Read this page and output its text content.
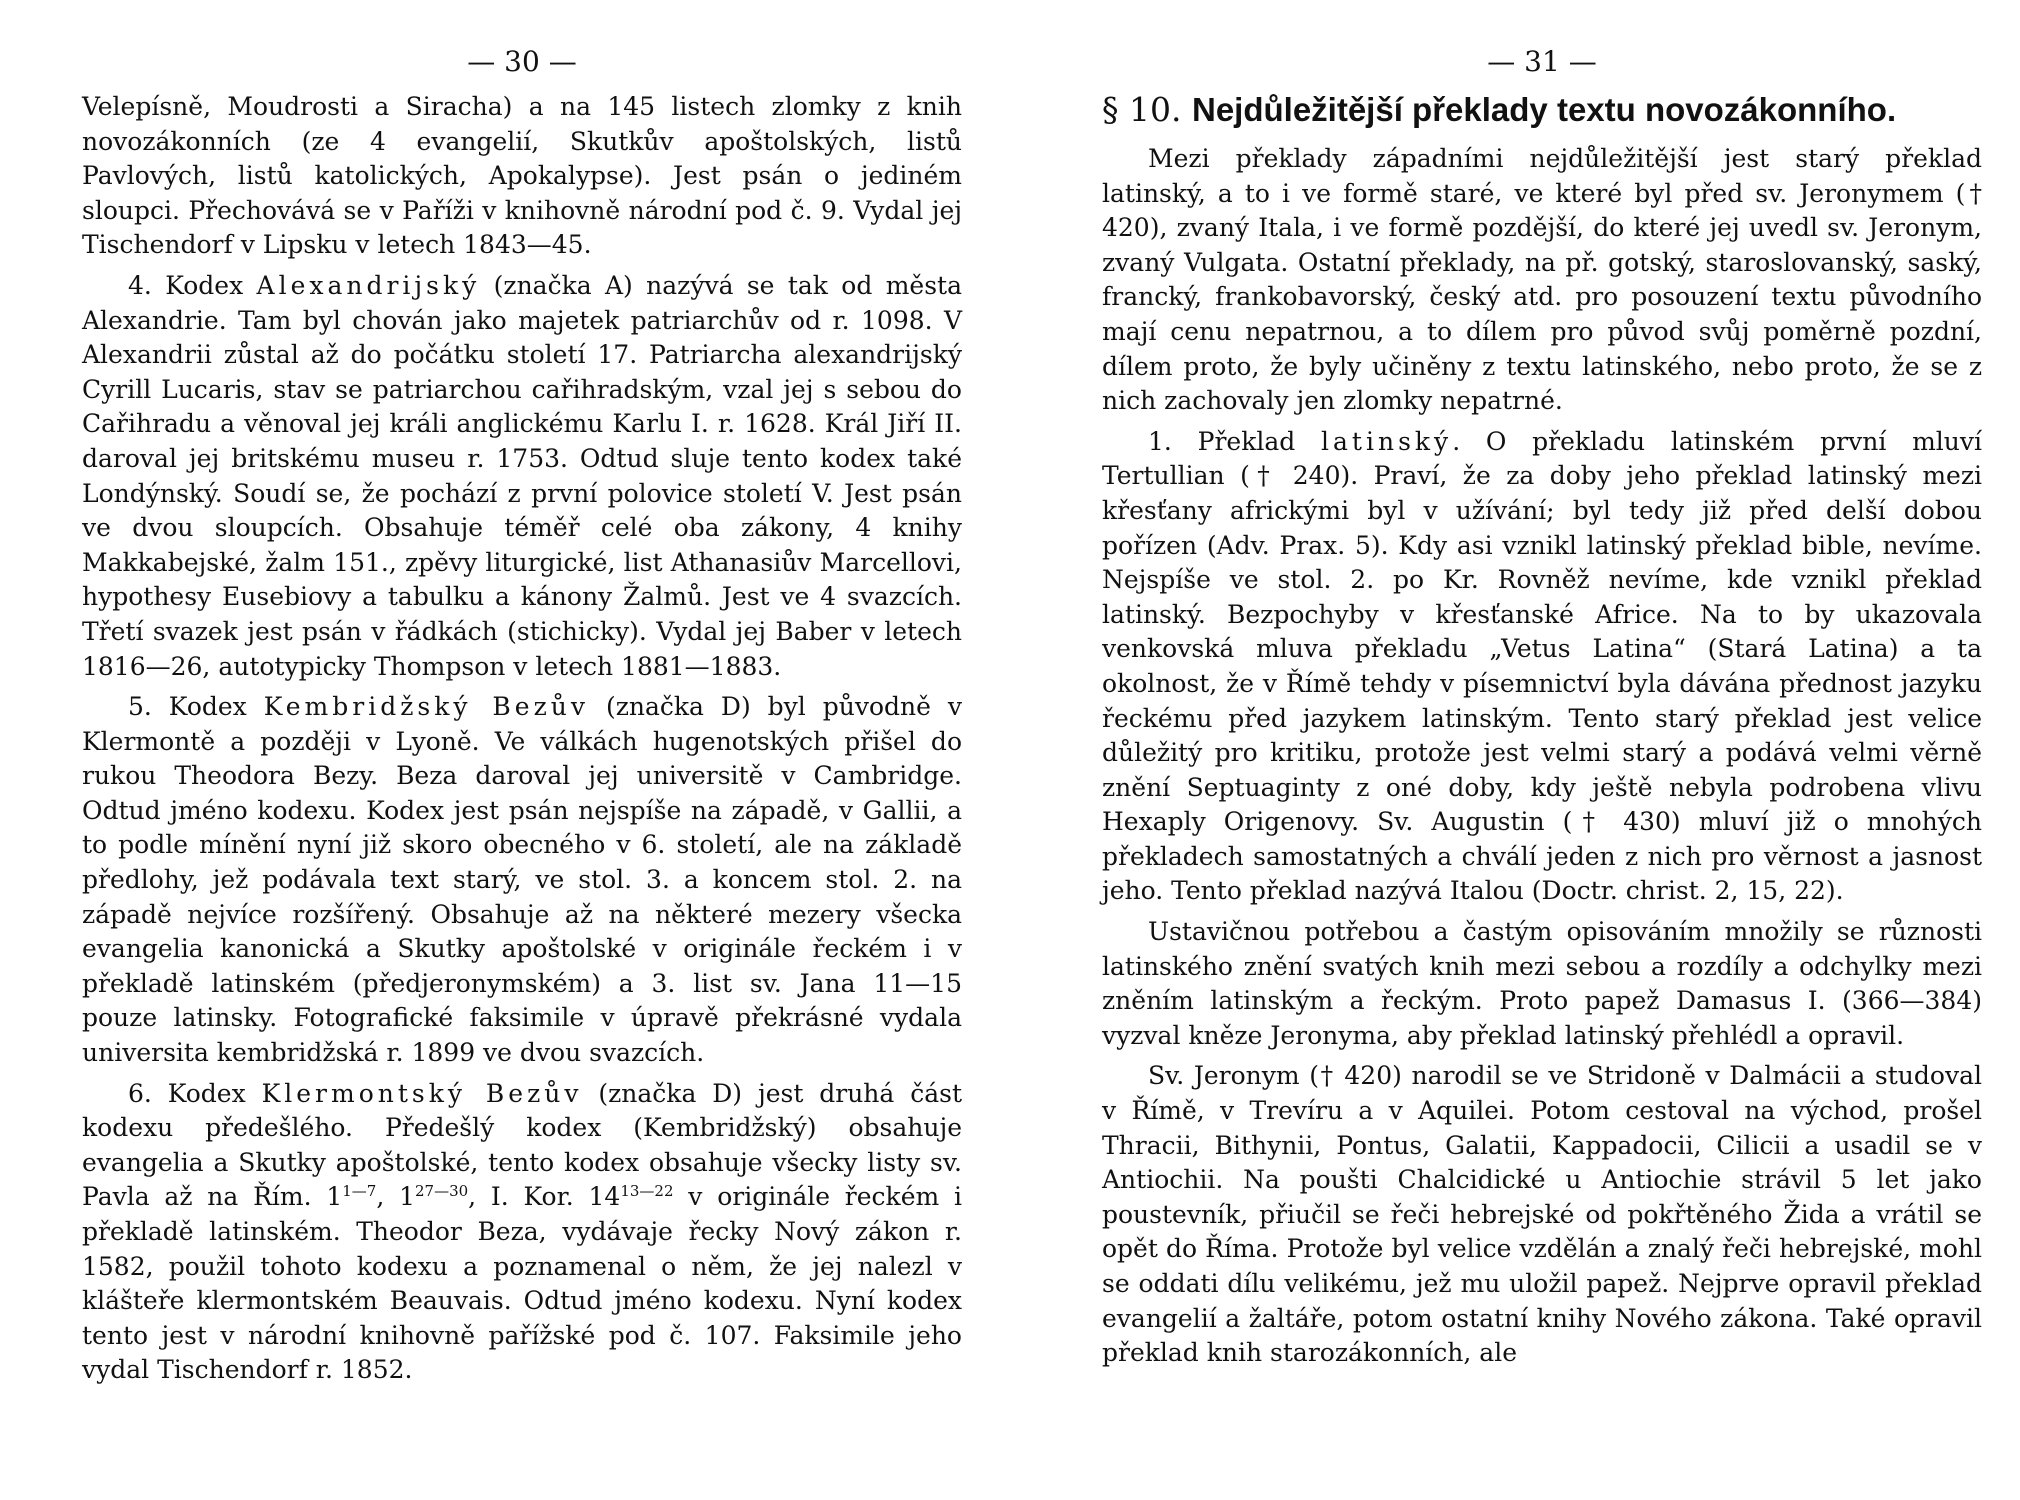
— 30 —

Velepísně, Moudrosti a Siracha) a na 145 listech zlomky z knih novozákonních (ze 4 evangelií, Skutkův apoštolských, listů Pavlových, listů katolických, Apokalypse). Jest psán o jediném sloupci. Přechovává se v Paříži v knihovně národní pod č. 9. Vydal jej Tischendorf v Lipsku v letech 1843—45.

4. Kodex Alexandrijský (značka A) nazývá se tak od města Alexandrie. Tam byl chován jako majetek patriarchův od r. 1098. V Alexandrii zůstal až do počátku století 17. Patriarcha alexandrijský Cyrill Lucaris, stav se patriarchou cařihradským, vzal jej s sebou do Cařihradu a věnoval jej králi anglickému Karlu I. r. 1628. Král Jiří II. daroval jej britskému museu r. 1753. Odtud sluje tento kodex také Londýnský. Soudí se, že pochází z první polovice století V. Jest psán ve dvou sloupcích. Obsahuje téměř celé oba zákony, 4 knihy Makkabejské, žalm 151., zpěvy liturgické, list Athanasiův Marcellovi, hypothesy Eusebiovy a tabulku a kánony Žalmů. Jest ve 4 svazcích. Třetí svazek jest psán v řádkách (stichicky). Vydal jej Baber v letech 1816—26, autotypicky Thompson v letech 1881—1883.

5. Kodex Kembridžský Bezův (značka D) byl původně v Klermontě a později v Lyoně. Ve válkách hugenotských přišel do rukou Theodora Bezy. Beza daroval jej universitě v Cambridge. Odtud jméno kodexu. Kodex jest psán nejspíše na západě, v Gallii, a to podle mínění nyní již skoro obecného v 6. století, ale na základě předlohy, jež podávala text starý, ve stol. 3. a koncem stol. 2. na západě nejvíce rozšířený. Obsahuje až na některé mezery všecka evangelia kanonická a Skutky apoštolské v originále řeckém i v překladě latinském (předjeronymském) a 3. list sv. Jana 11—15 pouze latinsky. Fotografické faksimile v úpravě překrásné vydala universita kembridžská r. 1899 ve dvou svazcích.

6. Kodex Klermontský Bezův (značka D) jest druhá část kodexu předešlého. Předešlý kodex (Kembridžský) obsahuje evangelia a Skutky apoštolské, tento kodex obsahuje všecky listy sv. Pavla až na Řím. $1^{1—7}$, $1^{27—30}$, I. Kor. $14^{13—22}$ v originále řeckém i překladě latinském. Theodor Beza, vydávaje řecky Nový zákon r. 1582, použil tohoto kodexu a poznamenal o něm, že jej nalezl v klášteře klermontském Beauvais. Odtud jméno kodexu. Nyní kodex tento jest v národní knihovně pařížské pod č. 107. Faksimile jeho vydal Tischendorf r. 1852.

— 31 —
§ 10. Nejdůležitější překlady textu novozákonního.

Mezi překlady západními nejdůležitější jest starý překlad latinský, a to i ve formě staré, ve které byl před sv. Jeronymem († 420), zvaný Itala, i ve formě pozdější, do které jej uvedl sv. Jeronym, zvaný Vulgata. Ostatní překlady, na př. gotský, staroslovanský, saský, francký, frankobavorský, český atd. pro posouzení textu původního mají cenu nepatrnou, a to dílem pro původ svůj poměrně pozdní, dílem proto, že byly učiněny z textu latinského, nebo proto, že se z nich zachovaly jen zlomky nepatrné.

1. Překlad latinský. O překladu latinském první mluví Tertullian († 240). Praví, že za doby jeho překlad latinský mezi křesťany africkými byl v užívání; byl tedy již před delší dobou pořízen (Adv. Prax. 5). Kdy asi vznikl latinský překlad bible, nevíme. Nejspíše ve stol. 2. po Kr. Rovněž nevíme, kde vznikl překlad latinský. Bezpochyby v křesťanské Africe. Na to by ukazovala venkovská mluva překladu „Vetus Latina“ (Stará Latina) a ta okolnost, že v Římě tehdy v písemnictví byla dávána přednost jazyku řeckému před jazykem latinským. Tento starý překlad jest velice důležitý pro kritiku, protože jest velmi starý a podává velmi věrně znění Septuaginty z oné doby, kdy ještě nebyla podrobena vlivu Hexaply Origenovy. Sv. Augustin († 430) mluví již o mnohých překladech samostatných a chválí jeden z nich pro věrnost a jasnost jeho. Tento překlad nazývá Italou (Doctr. christ. 2, 15, 22).

Ustavičnou potřebou a častým opisováním množily se různosti latinského znění svatých knih mezi sebou a rozdíly a odchylky mezi zněním latinským a řeckým. Proto papež Damasus I. (366—384) vyzval kněze Jeronyma, aby překlad latinský přehlédl a opravil.

Sv. Jeronym († 420) narodil se ve Stridoně v Dalmácii a studoval v Římě, v Trevíru a v Aquilei. Potom cestoval na východ, prošel Thracii, Bithynii, Pontus, Galatii, Kappadocii, Cilicii a usadil se v Antiochii. Na poušti Chalcidické u Antiochie strávil 5 let jako poustevník, přiučil se řeči hebrejské od pokřtěného Žida a vrátil se opět do Říma. Protože byl velice vzdělán a znalý řeči hebrejské, mohl se oddati dílu velikému, jež mu uložil papež. Nejprve opravil překlad evangelií a žaltáře, potom ostatní knihy Nového zákona. Také opravil překlad knih starozákonních, ale
